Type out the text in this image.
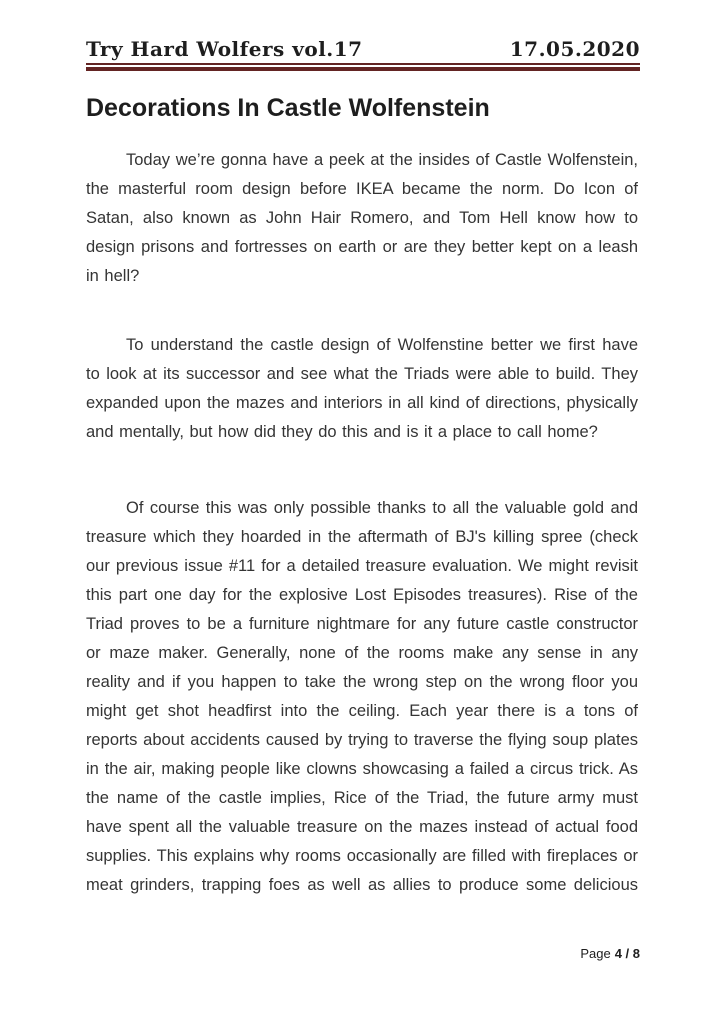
Try Hard Wolfers vol.17	17.05.2020
Decorations In Castle Wolfenstein

Today we’re gonna have a peek at the insides of Castle Wolfenstein, the masterful room design before IKEA became the norm. Do Icon of Satan, also known as John Hair Romero, and Tom Hell know how to design prisons and fortresses on earth or are they better kept on a leash in hell?

To understand the castle design of Wolfenstine better we first have to look at its successor and see what the Triads were able to build. They expanded upon the mazes and interiors in all kind of directions, physically and mentally, but how did they do this and is it a place to call home?

Of course this was only possible thanks to all the valuable gold and treasure which they hoarded in the aftermath of BJ's killing spree (check our previous issue #11 for a detailed treasure evaluation. We might revisit this part one day for the explosive Lost Episodes treasures). Rise of the Triad proves to be a furniture nightmare for any future castle constructor or maze maker. Generally, none of the rooms make any sense in any reality and if you happen to take the wrong step on the wrong floor you might get shot headfirst into the ceiling. Each year there is a tons of reports about accidents caused by trying to traverse the flying soup plates in the air, making people like clowns showcasing a failed a circus trick. As the name of the castle implies, Rice of the Triad, the future army must have spent all the valuable treasure on the mazes instead of actual food supplies. This explains why rooms occasionally are filled with fireplaces or meat grinders, trapping foes as well as allies to produce some delicious

Page 4 / 8
